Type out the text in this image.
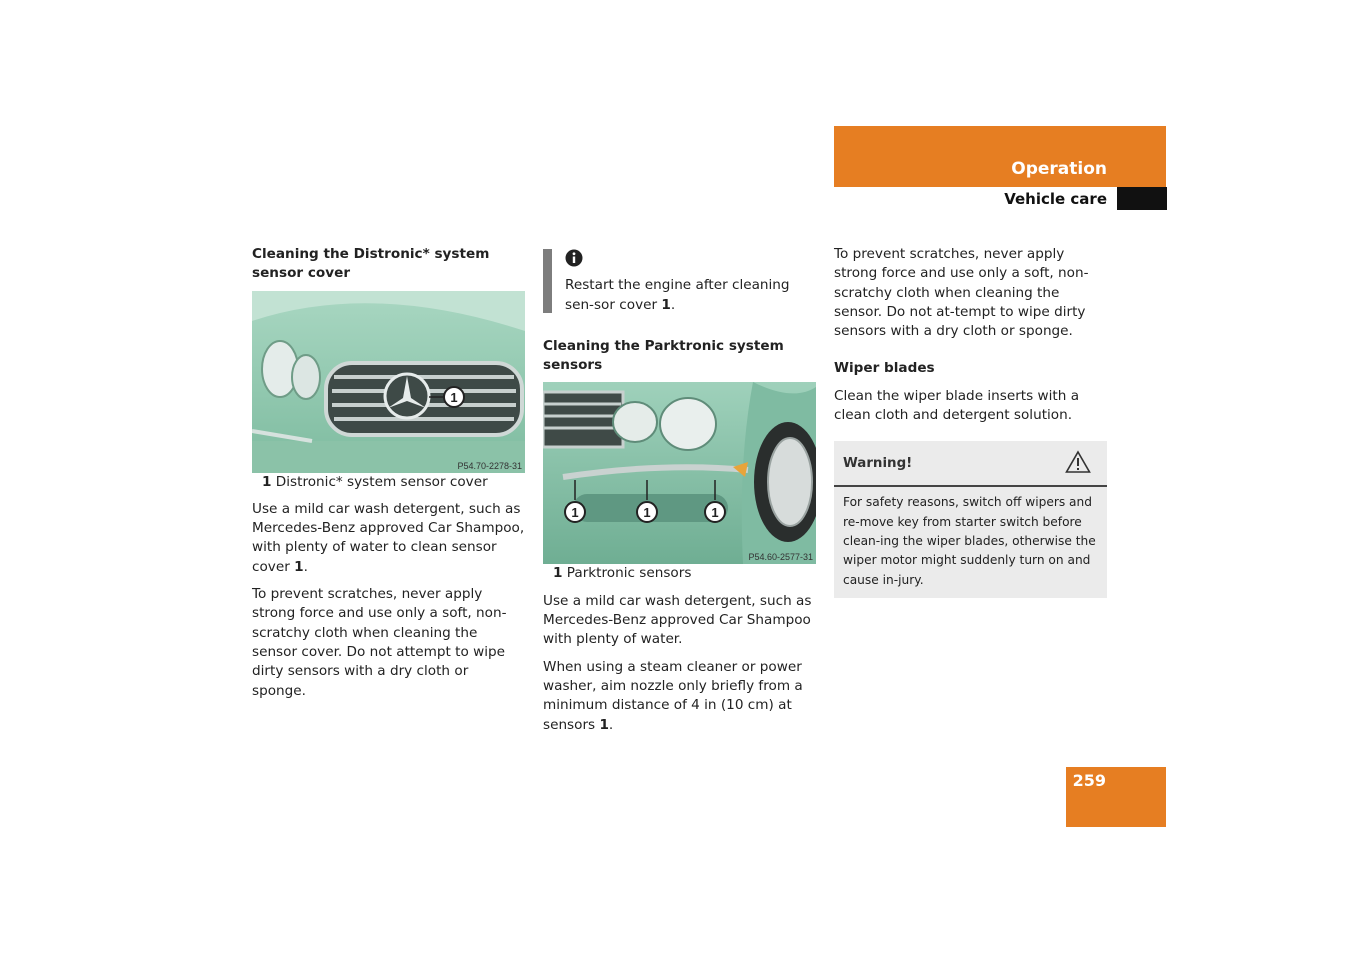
Operation
Vehicle care

Cleaning the Distronic* system sensor cover

1
P54.70-2278-31

1 Distronic* system sensor cover

Use a mild car wash detergent, such as Mercedes-Benz approved Car Shampoo, with plenty of water to clean sensor cover 1.

To prevent scratches, never apply strong force and use only a soft, non-scratchy cloth when cleaning the sensor cover. Do not attempt to wipe dirty sensors with a dry cloth or sponge.

Restart the engine after cleaning sen-sor cover 1.

Cleaning the Parktronic system sensors

1	1	1
P54.60-2577-31

1 Parktronic sensors

Use a mild car wash detergent, such as Mercedes-Benz approved Car Shampoo with plenty of water.

When using a steam cleaner or power washer, aim nozzle only briefly from a minimum distance of 4 in (10 cm) at sensors 1.

To prevent scratches, never apply strong force and use only a soft, non-scratchy cloth when cleaning the sensor. Do not at-tempt to wipe dirty sensors with a dry cloth or sponge.

Wiper blades

Clean the wiper blade inserts with a clean cloth and detergent solution.

Warning!
For safety reasons, switch off wipers and re-move key from starter switch before clean-ing the wiper blades, otherwise the wiper motor might suddenly turn on and cause in-jury.
259
